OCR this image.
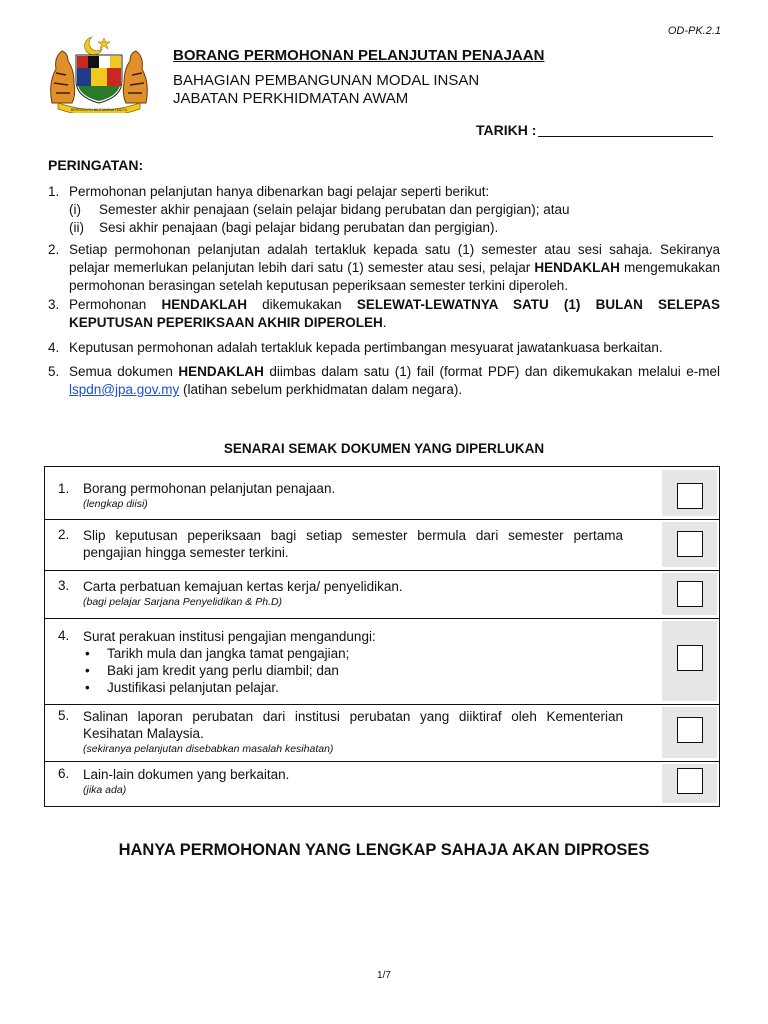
OD-PK.2.1
BERSEKUTU BERTAMBAH MUTU
BORANG PERMOHONAN PELANJUTAN PENAJAAN
BAHAGIAN PEMBANGUNAN MODAL INSAN
JABATAN PERKHIDMATAN AWAM
TARIKH :
PERINGATAN:
1. Permohonan pelanjutan hanya dibenarkan bagi pelajar seperti berikut:
(i) Semester akhir penajaan (selain pelajar bidang perubatan dan pergigian); atau
(ii) Sesi akhir penajaan (bagi pelajar bidang perubatan dan pergigian).
2. Setiap permohonan pelanjutan adalah tertakluk kepada satu (1) semester atau sesi sahaja. Sekiranya pelajar memerlukan pelanjutan lebih dari satu (1) semester atau sesi, pelajar HENDAKLAH mengemukakan permohonan berasingan setelah keputusan peperiksaan semester terkini diperoleh.
3. Permohonan HENDAKLAH dikemukakan SELEWAT-LEWATNYA SATU (1) BULAN SELEPAS KEPUTUSAN PEPERIKSAAN AKHIR DIPEROLEH.
4. Keputusan permohonan adalah tertakluk kepada pertimbangan mesyuarat jawatankuasa berkaitan.
5. Semua dokumen HENDAKLAH diimbas dalam satu (1) fail (format PDF) dan dikemukakan melalui e-mel lspdn@jpa.gov.my (latihan sebelum perkhidmatan dalam negara).
SENARAI SEMAK DOKUMEN YANG DIPERLUKAN
1. Borang permohonan pelanjutan penajaan.
(lengkap diisi)
2. Slip keputusan peperiksaan bagi setiap semester bermula dari semester pertama pengajian hingga semester terkini.
3. Carta perbatuan kemajuan kertas kerja/ penyelidikan.
(bagi pelajar Sarjana Penyelidikan & Ph.D)
4. Surat perakuan institusi pengajian mengandungi:
• Tarikh mula dan jangka tamat pengajian;
• Baki jam kredit yang perlu diambil; dan
• Justifikasi pelanjutan pelajar.
5. Salinan laporan perubatan dari institusi perubatan yang diiktiraf oleh Kementerian Kesihatan Malaysia.
(sekiranya pelanjutan disebabkan masalah kesihatan)
6. Lain-lain dokumen yang berkaitan.
(jika ada)
HANYA PERMOHONAN YANG LENGKAP SAHAJA AKAN DIPROSES
1/7
